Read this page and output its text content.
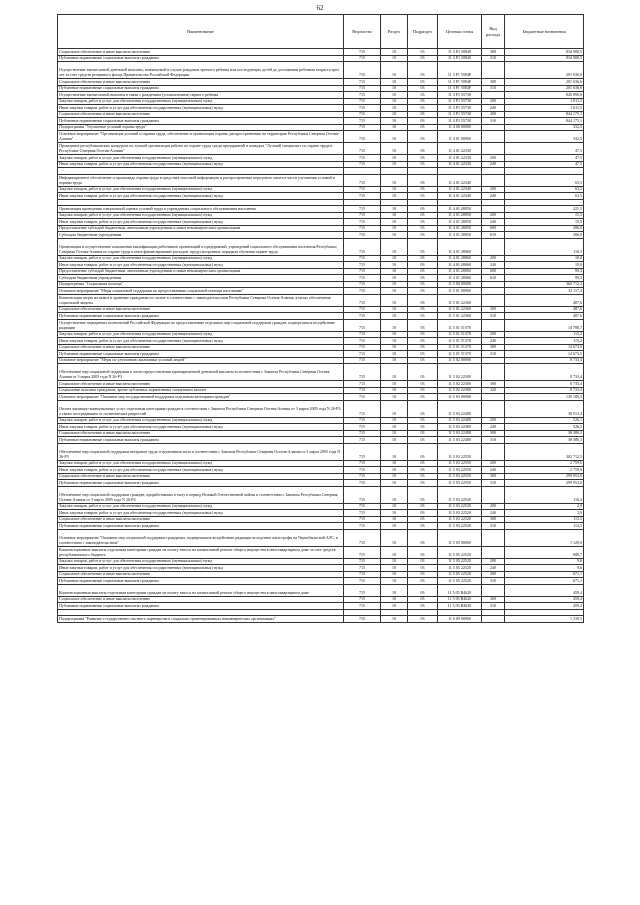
62
Наименование	Ведомство	Раздел	Подраздел	Целевая статья	Вид расхода	Бюджетные назначения
Социальное обеспечение и иные выплаты населению	715	10	03	11 3 P1 50840	300	834 908,5
Публичные нормативные социальные выплаты гражданам	715	10	03	11 3 P1 50840	310	834 908,5
Осуществление ежемесячной денежной выплаты, назначаемой в случае рождения третьего ребенка или последующих детей до достижения ребенком возраста трех лет за счет средств резервного фонда Правительства Российской Федерации	715	10	03	11 3 P1 5084F		201 636,6
Социальное обеспечение и иные выплаты населению	715	10	03	11 3 P1 5084F	300	201 636,6
Публичные нормативные социальные выплаты гражданам	715	10	03	11 3 P1 5084F	310	201 636,6
Осуществление ежемесячной выплаты в связи с рождением (усыновлением) первого ребенка	715	10	03	11 3 P1 55730		845 996,6
Закупка товаров, работ и услуг для обеспечения государственных (муниципальных) нужд	715	10	03	11 3 P1 55730	200	1 811,5
Иные закупки товаров, работ и услуг для обеспечения государственных (муниципальных) нужд	715	10	03	11 3 P1 55730	240	1 811,5
Социальное обеспечение и иные выплаты населению	715	10	03	11 3 P1 55730	300	844 175,1
Публичные нормативные социальные выплаты гражданам	715	10	03	11 3 P1 55730	310	844 175,1
Подпрограмма "Улучшение условий охраны труда"	715	10	03	11 4 00 00000		332,5
Основное мероприятие "Организация условий и охраны труда, обеспечение и организация охраны, распространенные на территории Республики Северная Осетия-Алания"	715	10	03	11 4 01 00000		332,5
Проведение республиканских конкурсов по лучшей организации работы по охране труда среди предприятий и конкурса "Лучший специалист по охране труда в Республике Северная Осетия-Алания"	715	10	03	11 4 01 22330		47,5
Закупка товаров, работ и услуг для обеспечения государственных (муниципальных) нужд	715	10	03	11 4 01 22330	200	47,5
Иные закупки товаров, работ и услуг для обеспечения государственных (муниципальных) нужд	715	10	03	11 4 01 22330	240	47,5

Информационное обеспечение и пропаганда охраны труда в средствах массовой информации и распространение передового опыта в части улучшения условий и охраны труда	715	10	03	11 4 01 22340		63,5
Закупка товаров, работ и услуг для обеспечения государственных (муниципальных) нужд	715	10	03	11 4 01 22340	200	63,5
Иные закупки товаров, работ и услуг для обеспечения государственных (муниципальных) нужд	715	10	03	11 4 01 22340	240	63,5

Организация проведения специальной оценки условий труда в учреждениях социального обслуживания населения	715	10	03	11 4 01 28050		221,5
Закупка товаров, работ и услуг для обеспечения государственных (муниципальных) нужд	715	10	03	11 4 01 28050	200	15,5
Иные закупки товаров, работ и услуг для обеспечения государственных (муниципальных) нужд	715	10	03	11 4 01 28050	240	15,5
Предоставление субсидий бюджетным, автономным учреждениям и иным некоммерческим организациям	715	10	03	11 4 01 28050	600	206,0
Субсидии бюджетным учреждениям	715	10	03	11 4 01 28050	610	206,0
Организация и осуществление повышения квалификации работников организаций и предприятий, учреждений социального обслуживания населения Республики Северная Осетия-Алания по охране труда и иное финансирование расходов, предусмотренных порядком обучения охране труда	715	10	03	11 4 01 28060		118,3
Закупка товаров, работ и услуг для обеспечения государственных (муниципальных) нужд	715	10	03	11 4 01 28060	200	18,0
Иные закупки товаров, работ и услуг для обеспечения государственных (муниципальных) нужд	715	10	03	11 4 01 28060	240	18,0
Предоставление субсидий бюджетным, автономным учреждениям и иным некоммерческим организациям	715	10	03	11 4 01 28060	600	99,3
Субсидии бюджетным учреждениям	715	10	03	11 4 01 28060	610	99,3
Подпрограмма "Социальная помощь"	715	10	03	11 5 00 00000		360 712,4
Основное мероприятие "Меры социальной поддержки по предоставлению социальной помощи населению"	715	10	03	11 5 01 00000		32 117,4
Компенсация затрат на вывоз и хранение гражданам по оплате в соответствии с законодательством Республики Северная Осетия-Алания, в целях обеспечения социальной защиты	715	10	03	11 5 01 22360		487,6
Социальное обеспечение и иные выплаты населению	715	10	03	11 5 01 22360	300	487,6
Публичные нормативные социальные выплаты гражданам	715	10	03	11 5 01 22360	310	487,6
Осуществление переданных полномочий Российской Федерации по предоставлению отдельных мер социальной поддержки граждан, подвергшихся воздействию радиации	715	10	03	11 5 01 51370		14 788,7
Закупка товаров, работ и услуг для обеспечения государственных (муниципальных) нужд	715	10	03	11 5 01 51370	200	115,2
Иные закупки товаров, работ и услуг для обеспечения государственных (муниципальных) нужд	715	10	03	11 5 01 51370	240	115,2
Социальное обеспечение и иные выплаты населению	715	10	03	11 5 01 51370	300	14 673,5
Публичные нормативные социальные выплаты гражданам	715	10	03	11 5 01 51370	310	14 673,5
Основное мероприятие "Меры по улучшению жилищных условий людей"	715	10	03	11 5 02 00000		8 733,4
Обеспечение мер социальной поддержки в части предоставления единовременной денежной выплаты в соответствии с Законом Республики Северная Осетия-Алания от 3 марта 2005 года N 26-РЗ	715	10	03	11 5 02 22300		8 733,4
Социальное обеспечение и иные выплаты населению	715	10	03	11 5 02 22300	300	8 733,4
Социальные выплаты гражданам, кроме публичных нормативных социальных выплат	715	10	03	11 5 02 22300	320	8 733,4
Основное мероприятие "Оказание мер государственной поддержки отдельным категориям граждан"	715	10	03	11 5 03 00000		138 189,5
Оплата жилищно-коммунальных услуг отдельным категориям граждан в соответствии с Законом Республики Северная Осетия-Алания от 3 марта 2005 года N 26-РЗ, а также пострадавшим от политических репрессий	715	10	03	11 5 03 22480		38 912,4
Закупка товаров, работ и услуг для обеспечения государственных (муниципальных) нужд	715	10	03	11 5 03 22480	200	526,1
Иные закупки товаров, работ и услуг для обеспечения государственных (муниципальных) нужд	715	10	03	11 5 03 22480	240	526,1
Социальное обеспечение и иные выплаты населению	715	10	03	11 5 03 22480	300	38 386,3
Публичные нормативные социальные выплаты гражданам	715	10	03	11 5 03 22480	310	38 386,3
Обеспечение мер социальной поддержки ветеранов труда и тружеников тыла в соответствии с Законом Республики Северная Осетия-Алания от 3 марта 2005 года N 26-РЗ	715	10	03	11 5 03 22550		302 712,5
Закупка товаров, работ и услуг для обеспечения государственных (муниципальных) нужд	715	10	03	11 5 03 22550	200	2 759,6
Иные закупки товаров, работ и услуг для обеспечения государственных (муниципальных) нужд	715	10	03	11 5 03 22550	240	2 759,6
Социальное обеспечение и иные выплаты населению	715	10	03	11 5 03 22550	300	299 953,0
Публичные нормативные социальные выплаты гражданам	715	10	03	11 5 03 22550	310	299 953,0
Обеспечение мер социальной поддержки граждан, проработавших в тылу в период Великой Отечественной войны в соответствии с Законом Республики Северная Осетия-Алания от 3 марта 2005 года N 26-РЗ	715	10	03	11 5 03 22520		116,4
Закупка товаров, работ и услуг для обеспечения государственных (муниципальных) нужд	715	10	03	11 5 03 22520	200	2,9
Иные закупки товаров, работ и услуг для обеспечения государственных (муниципальных) нужд	715	10	03	11 5 03 22520	240	2,9
Социальное обеспечение и иные выплаты населению	715	10	03	11 5 03 22520	300	113,5
Публичные нормативные социальные выплаты гражданам	715	10	03	11 5 03 22520	310	113,5
Основное мероприятие "Оказание мер социальной поддержки гражданам, подвергшимся воздействию радиации вследствие катастрофы на Чернобыльской АЭС, в соответствии с законодательством"	715	10	03	11 5 05 00000		1 129,0
Компенсационные выплаты отдельным категориям граждан на оплату взноса на капитальный ремонт общего имущества в многоквартирном доме за счет средств республиканского бюджета	715	10	03	11 5 05 22520		680,7
Закупка товаров, работ и услуг для обеспечения государственных (муниципальных) нужд	715	10	03	11 5 05 22520	200	9,6
Иные закупки товаров, работ и услуг для обеспечения государственных (муниципальных) нужд	715	10	03	11 5 05 22520	240	9,6
Социальное обеспечение и иные выплаты населению	715	10	03	11 5 05 22520	300	671,1
Публичные нормативные социальные выплаты гражданам	715	10	03	11 5 05 22520	310	671,1
Компенсационные выплаты отдельным категориям граждан на оплату взноса на капитальный ремонт общего имущества в многоквартирном доме	715	10	03	11 5 05 R4620		459,4
Социальное обеспечение и иные выплаты населению	715	10	03	11 5 05 R4620	300	459,4
Публичные нормативные социальные выплаты гражданам	715	10	03	11 5 05 R4620	310	459,4

Подпрограмма "Развитие государственно-частного партнерства в социально-ориентированных некоммерческих организациях"	715	10	03	11 6 00 00000		1 239,5
